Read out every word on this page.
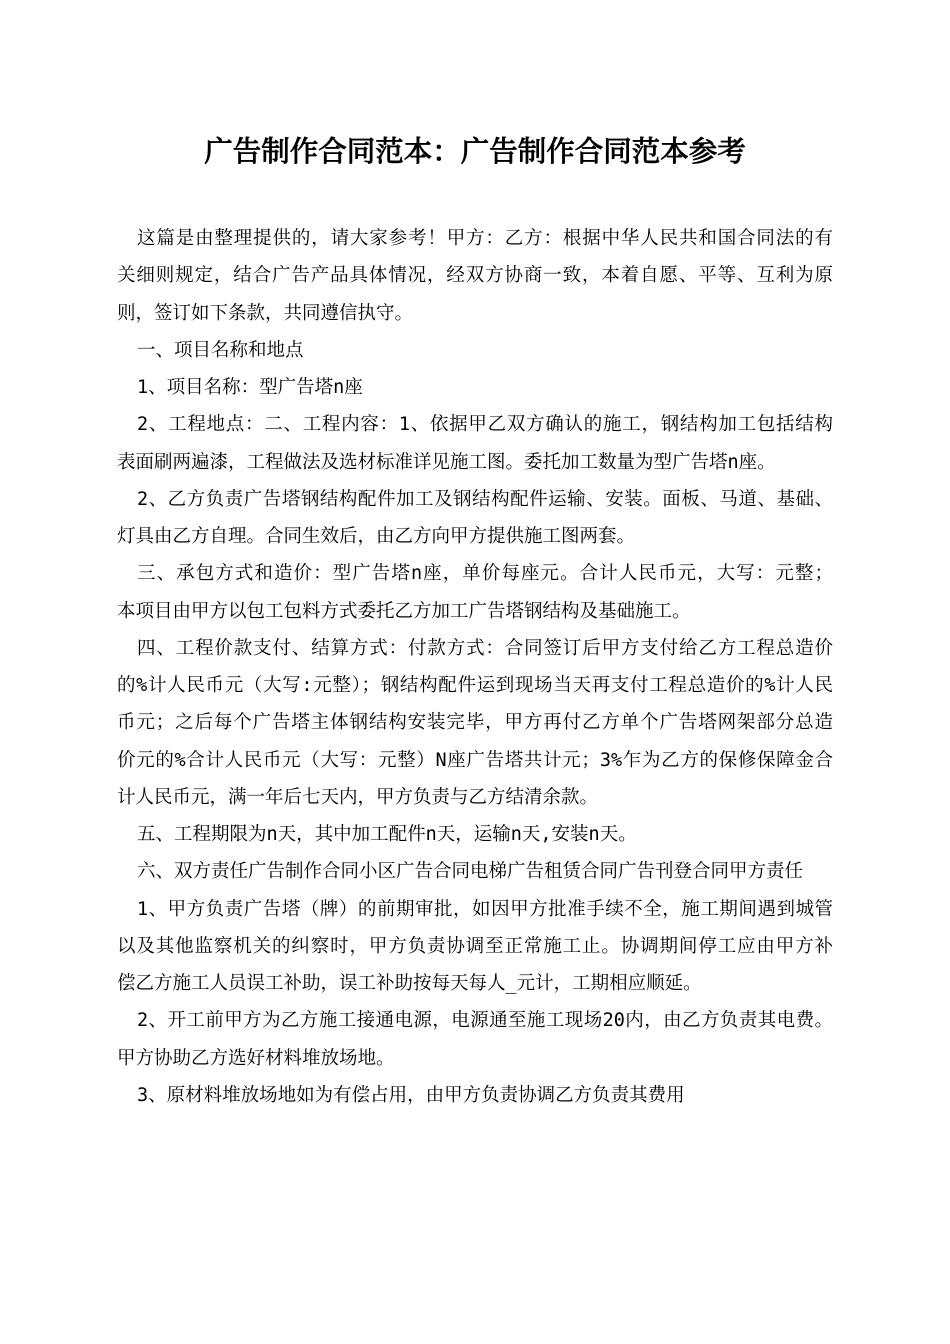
广告制作合同范本：广告制作合同范本参考
这篇是由整理提供的，请大家参考！甲方：乙方：根据中华人民共和国合同法的有
关细则规定，结合广告产品具体情况，经双方协商一致，本着自愿、平等、互利为原
则，签订如下条款，共同遵信执守。
一、项目名称和地点
1、项目名称：型广告塔n座
2、工程地点：二、工程内容：1、依据甲乙双方确认的施工，钢结构加工包括结构
表面刷两遍漆，工程做法及选材标准详见施工图。委托加工数量为型广告塔n座。
2、乙方负责广告塔钢结构配件加工及钢结构配件运输、安装。面板、马道、基础、
灯具由乙方自理。合同生效后，由乙方向甲方提供施工图两套。
三、承包方式和造价：型广告塔n座，单价每座元。合计人民币元，大写：元整；
本项目由甲方以包工包料方式委托乙方加工广告塔钢结构及基础施工。
四、工程价款支付、结算方式：付款方式：合同签订后甲方支付给乙方工程总造价
的%计人民币元（大写:元整）；钢结构配件运到现场当天再支付工程总造价的%计人民
币元；之后每个广告塔主体钢结构安装完毕，甲方再付乙方单个广告塔网架部分总造
价元的%合计人民币元（大写：元整）N座广告塔共计元；3%乍为乙方的保修保障金合
计人民币元，满一年后七天内，甲方负责与乙方结清余款。
五、工程期限为n天，其中加工配件n天，运输n天,安装n天。
六、双方责任广告制作合同小区广告合同电梯广告租赁合同广告刊登合同甲方责任
1、甲方负责广告塔（牌）的前期审批，如因甲方批准手续不全，施工期间遇到城管
以及其他监察机关的纠察时，甲方负责协调至正常施工止。协调期间停工应由甲方补
偿乙方施工人员误工补助，误工补助按每天每人_元计，工期相应顺延。
2、开工前甲方为乙方施工接通电源，电源通至施工现场20内，由乙方负责其电费。
甲方协助乙方选好材料堆放场地。
3、原材料堆放场地如为有偿占用，由甲方负责协调乙方负责其费用
